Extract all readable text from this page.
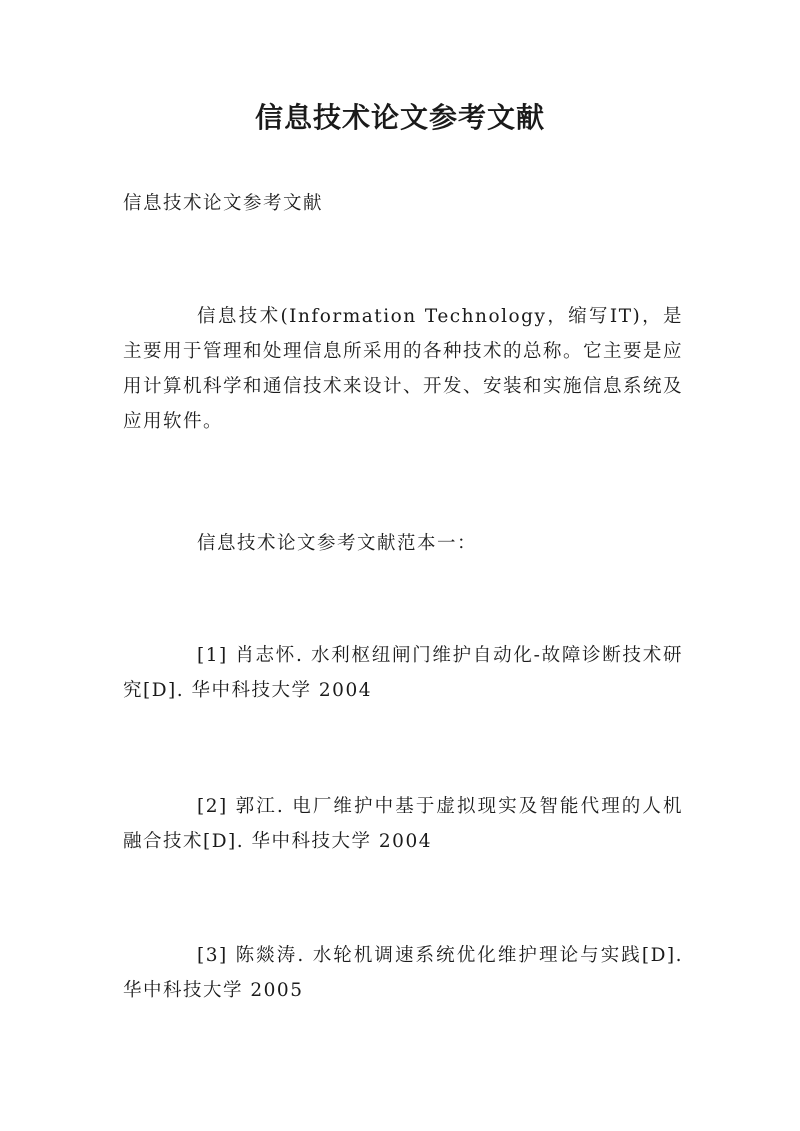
信息技术论文参考文献

信息技术论文参考文献

信息技术(Information Technology，缩写IT)，是主要用于管理和处理信息所采用的各种技术的总称。它主要是应用计算机科学和通信技术来设计、开发、安装和实施信息系统及应用软件。

信息技术论文参考文献范本一：

[1] 肖志怀. 水利枢纽闸门维护自动化-故障诊断技术研究[D]. 华中科技大学 2004

[2] 郭江. 电厂维护中基于虚拟现实及智能代理的人机融合技术[D]. 华中科技大学 2004

[3] 陈燚涛. 水轮机调速系统优化维护理论与实践[D]. 华中科技大学 2005
